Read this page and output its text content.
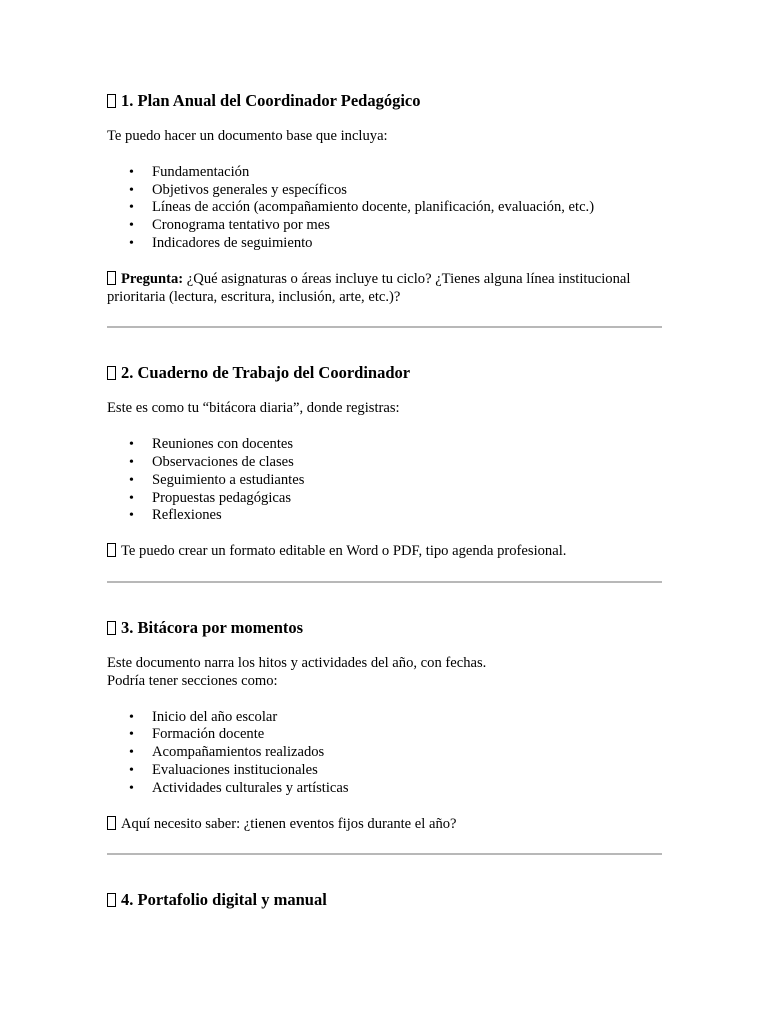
1. Plan Anual del Coordinador Pedagógico

Te puedo hacer un documento base que incluya:

• Fundamentación
• Objetivos generales y específicos
• Líneas de acción (acompañamiento docente, planificación, evaluación, etc.)
• Cronograma tentativo por mes
• Indicadores de seguimiento

Pregunta: ¿Qué asignaturas o áreas incluye tu ciclo? ¿Tienes alguna línea institucional prioritaria (lectura, escritura, inclusión, arte, etc.)?

2. Cuaderno de Trabajo del Coordinador

Este es como tu “bitácora diaria”, donde registras:

• Reuniones con docentes
• Observaciones de clases
• Seguimiento a estudiantes
• Propuestas pedagógicas
• Reflexiones

Te puedo crear un formato editable en Word o PDF, tipo agenda profesional.

3. Bitácora por momentos

Este documento narra los hitos y actividades del año, con fechas.
Podría tener secciones como:

• Inicio del año escolar
• Formación docente
• Acompañamientos realizados
• Evaluaciones institucionales
• Actividades culturales y artísticas

Aquí necesito saber: ¿tienen eventos fijos durante el año?

4. Portafolio digital y manual
